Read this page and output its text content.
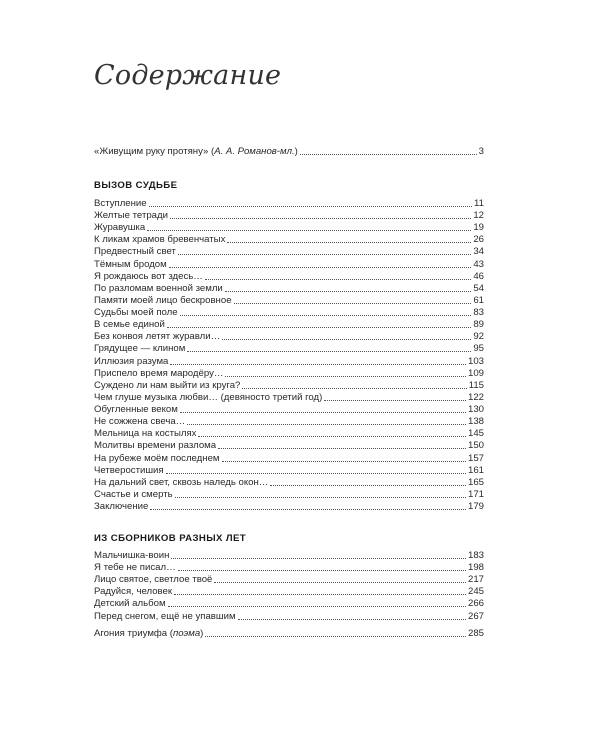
Содержание
«Живущим руку протяну» (А. А. Романов-мл.)	3
ВЫЗОВ СУДЬБЕ
Вступление	11
Желтые тетради	12
Журавушка	19
К ликам храмов бревенчатых	26
Предвестный свет	34
Тёмным бродом	43
Я рождаюсь вот здесь…	46
По разломам военной земли	54
Памяти моей лицо бескровное	61
Судьбы моей поле	83
В семье единой	89
Без конвоя летят журавли…	92
Грядущее — клином	95
Иллюзия разума	103
Приспело время мародёру…	109
Суждено ли нам выйти из круга?	115
Чем глуше музыка любви… (девяносто третий год)	122
Обугленные веком	130
Не сожжена свеча…	138
Мельница на костылях	145
Молитвы времени разлома	150
На рубеже моём последнем	157
Четверостишия	161
На дальний свет, сквозь наледь окон…	165
Счастье и смерть	171
Заключение	179
ИЗ СБОРНИКОВ РАЗНЫХ ЛЕТ
Мальчишка-воин	183
Я тебе не писал…	198
Лицо святое, светлое твоё	217
Радуйся, человек	245
Детский альбом	266
Перед снегом, ещё не упавшим	267
Агония триумфа (поэма)	285
